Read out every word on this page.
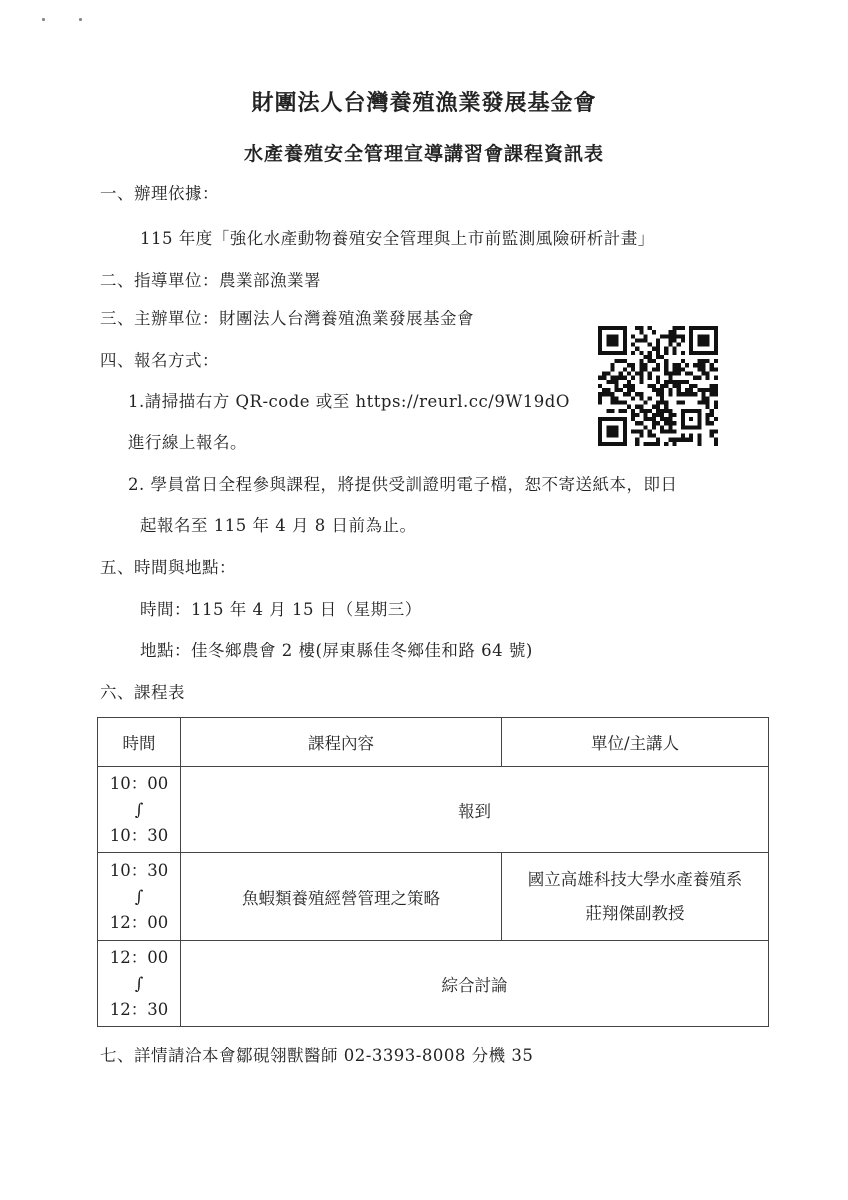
財團法人台灣養殖漁業發展基金會
水產養殖安全管理宣導講習會課程資訊表
一、辦理依據：
115 年度「強化水產動物養殖安全管理與上市前監測風險研析計畫」
二、指導單位：農業部漁業署
三、主辦單位：財團法人台灣養殖漁業發展基金會
四、報名方式：
1.請掃描右方 QR-code 或至 https://reurl.cc/9W19dO
進行線上報名。
2. 學員當日全程參與課程，將提供受訓證明電子檔，恕不寄送紙本，即日
起報名至 115 年 4 月 8 日前為止。
五、時間與地點：
時間：115 年 4 月 15 日（星期三）
地點：佳冬鄉農會 2 樓(屏東縣佳冬鄉佳和路 64 號)
六、課程表
時間	課程內容	單位/主講人

10：00
∫
10：30	報到	

10：30
∫
12：00	魚蝦類養殖經營管理之策略	國立高雄科技大學水產養殖系
莊翔傑副教授

12：00
∫
12：30	綜合討論	
七、詳情請洽本會鄒硯翎獸醫師 02-3393-8008 分機 35
